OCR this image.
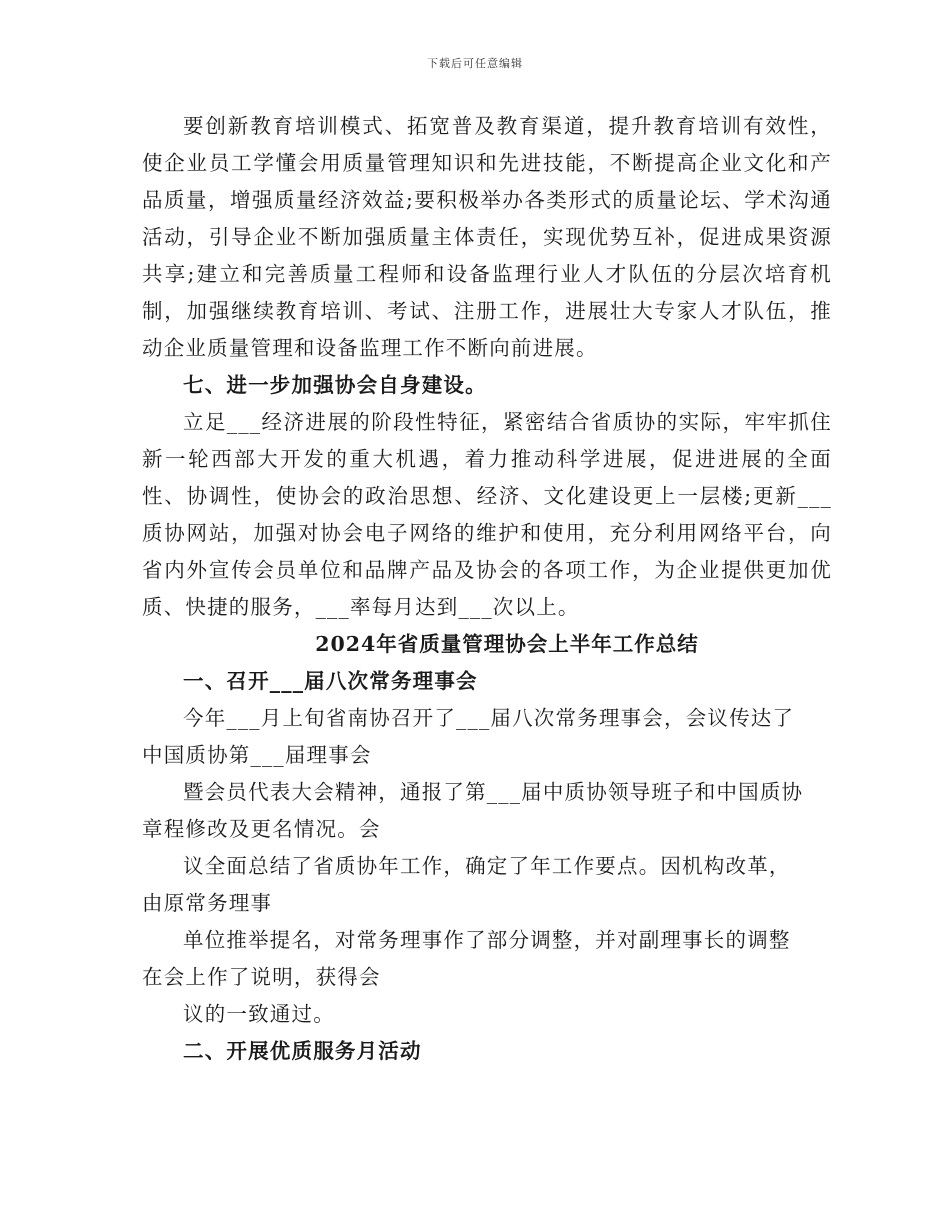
下载后可任意编辑

要创新教育培训模式、拓宽普及教育渠道，提升教育培训有效性，使企业员工学懂会用质量管理知识和先进技能，不断提高企业文化和产品质量，增强质量经济效益;要积极举办各类形式的质量论坛、学术沟通活动，引导企业不断加强质量主体责任，实现优势互补，促进成果资源共享;建立和完善质量工程师和设备监理行业人才队伍的分层次培育机制，加强继续教育培训、考试、注册工作，进展壮大专家人才队伍，推动企业质量管理和设备监理工作不断向前进展。

七、进一步加强协会自身建设。

立足___经济进展的阶段性特征，紧密结合省质协的实际，牢牢抓住新一轮西部大开发的重大机遇，着力推动科学进展，促进进展的全面性、协调性，使协会的政治思想、经济、文化建设更上一层楼;更新___质协网站，加强对协会电子网络的维护和使用，充分利用网络平台，向省内外宣传会员单位和品牌产品及协会的各项工作，为企业提供更加优质、快捷的服务，___率每月达到___次以上。

2024年省质量管理协会上半年工作总结

一、召开___届八次常务理事会

今年___月上旬省南协召开了___届八次常务理事会，会议传达了

中国质协第___届理事会

暨会员代表大会精神，通报了第___届中质协领导班子和中国质协

章程修改及更名情况。会

议全面总结了省质协年工作，确定了年工作要点。因机构改革，

由原常务理事

单位推举提名，对常务理事作了部分调整，并对副理事长的调整

在会上作了说明，获得会

议的一致通过。

二、开展优质服务月活动
